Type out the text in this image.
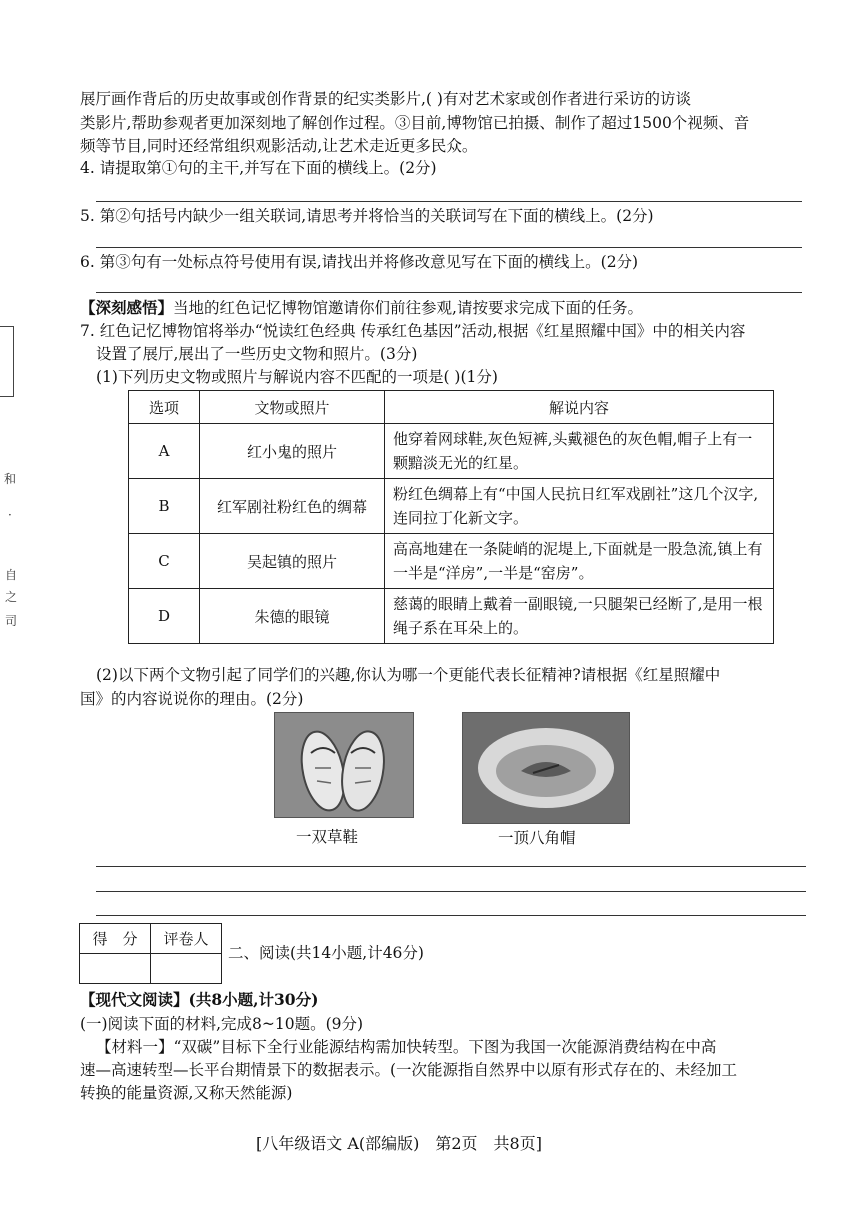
和
·
自
之
司
展厅画作背后的历史故事或创作背景的纪实类影片,( )有对艺术家或创作者进行采访的访谈
类影片,帮助参观者更加深刻地了解创作过程。③目前,博物馆已拍摄、制作了超过1500个视频、音
频等节目,同时还经常组织观影活动,让艺术走近更多民众。
4. 请提取第①句的主干,并写在下面的横线上。(2分)
5. 第②句括号内缺少一组关联词,请思考并将恰当的关联词写在下面的横线上。(2分)
6. 第③句有一处标点符号使用有误,请找出并将修改意见写在下面的横线上。(2分)
【深刻感悟】当地的红色记忆博物馆邀请你们前往参观,请按要求完成下面的任务。
7. 红色记忆博物馆将举办“悦读红色经典 传承红色基因”活动,根据《红星照耀中国》中的相关内容
设置了展厅,展出了一些历史文物和照片。(3分)
(1)下列历史文物或照片与解说内容不匹配的一项是( )(1分)
选项	文物或照片	解说内容
A	红小鬼的照片	他穿着网球鞋,灰色短裤,头戴褪色的灰色帽,帽子上有一颗黯淡无光的红星。
B	红军剧社粉红色的绸幕	粉红色绸幕上有“中国人民抗日红军戏剧社”这几个汉字,连同拉丁化新文字。
C	吴起镇的照片	高高地建在一条陡峭的泥堤上,下面就是一股急流,镇上有一半是“洋房”,一半是“窑房”。
D	朱德的眼镜	慈蔼的眼睛上戴着一副眼镜,一只腿架已经断了,是用一根绳子系在耳朵上的。
(2)以下两个文物引起了同学们的兴趣,你认为哪一个更能代表长征精神?请根据《红星照耀中
国》的内容说说你的理由。(2分)
一双草鞋	一顶八角帽
得　分	评卷人

二、阅读(共14小题,计46分)
【现代文阅读】(共8小题,计30分)
(一)阅读下面的材料,完成8~10题。(9分)
【材料一】“双碳”目标下全行业能源结构需加快转型。下图为我国一次能源消费结构在中高
速—高速转型—长平台期情景下的数据表示。(一次能源指自然界中以原有形式存在的、未经加工
转换的能量资源,又称天然能源)
[八年级语文 A(部编版)　第2页　共8页]
